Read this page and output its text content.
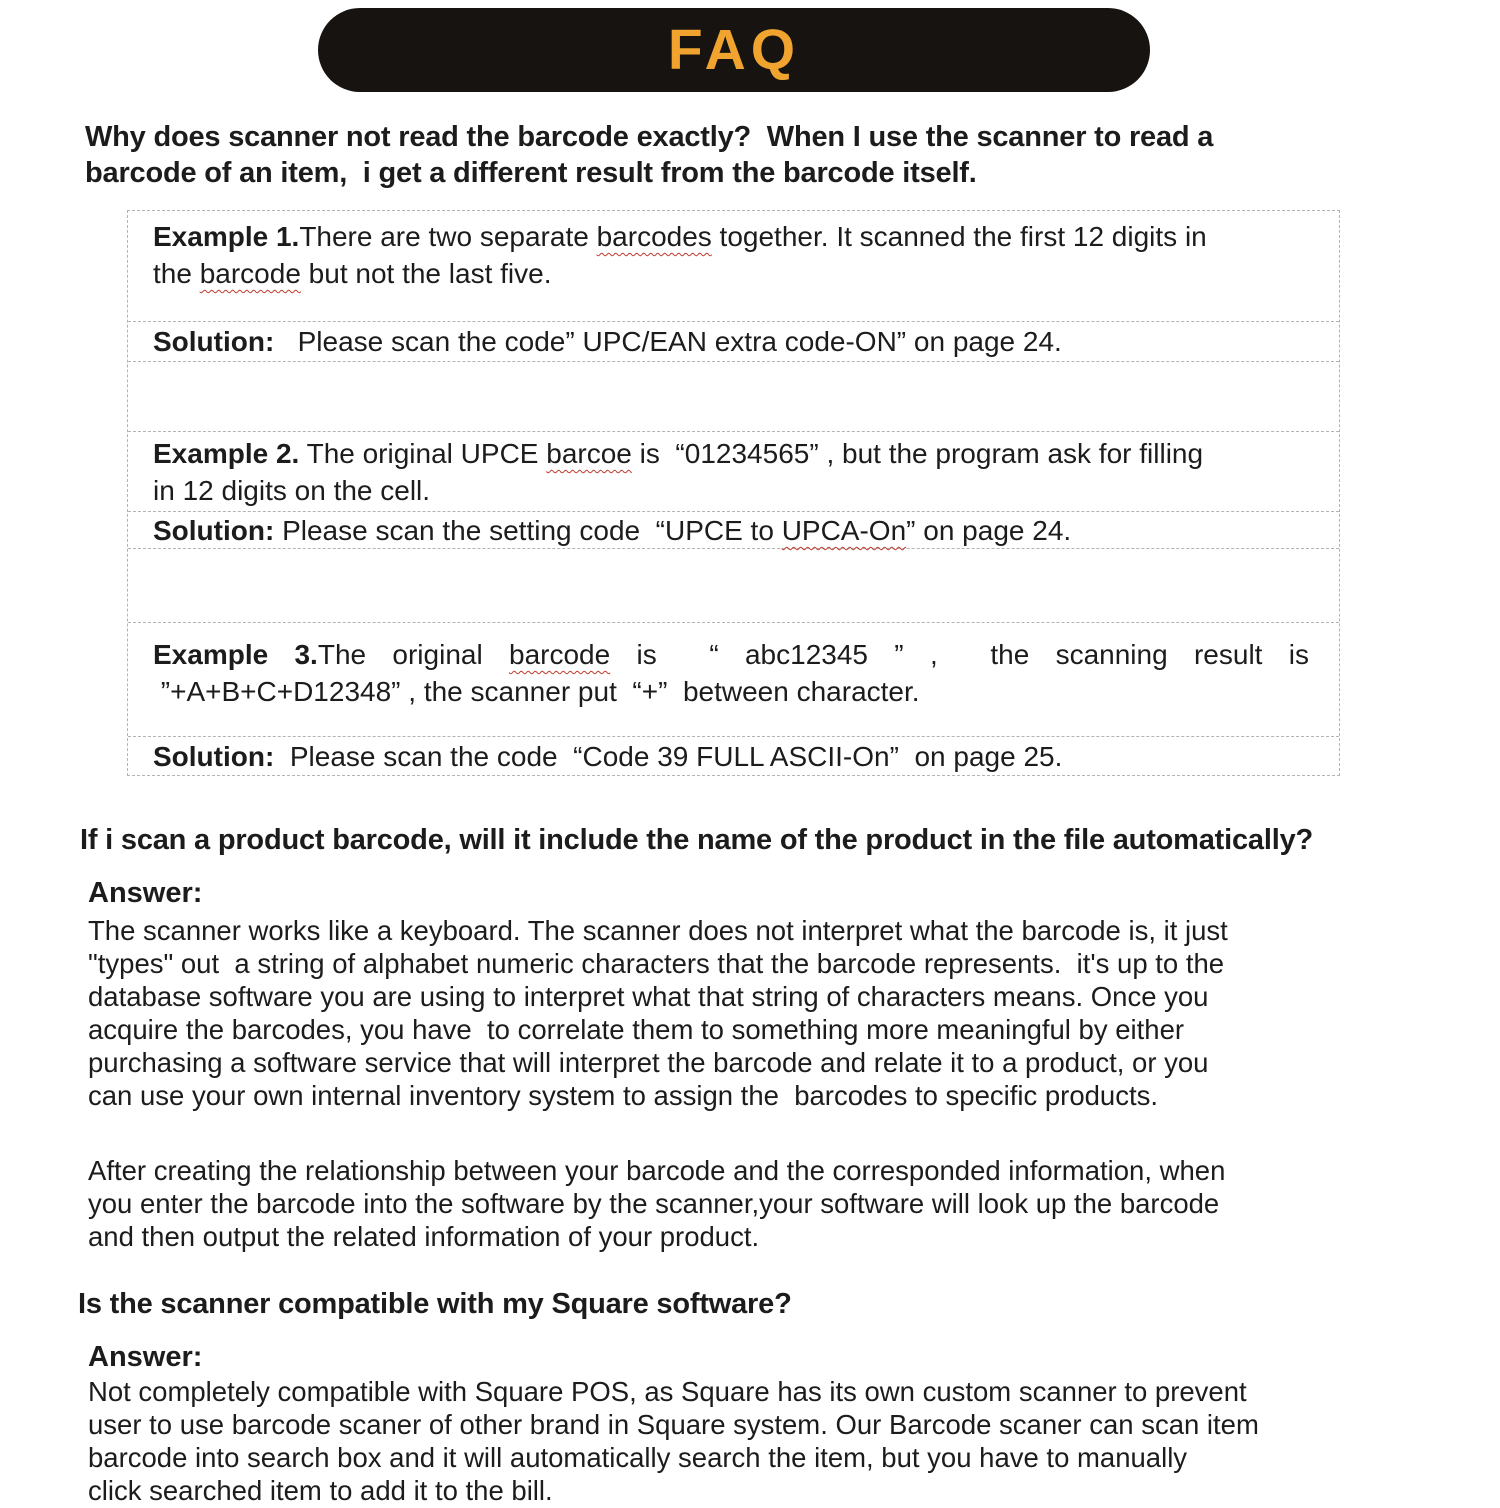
FAQ
Why does scanner not read the barcode exactly?  When I use the scanner to read a
barcode of an item,  i get a different result from the barcode itself.
Example 1.There are two separate barcodes together. It scanned the first 12 digits in
the barcode but not the last five.
Solution:   Please scan the code” UPC/EAN extra code-ON” on page 24.
Example 2. The original UPCE barcoe is  “01234565” , but the program ask for filling
in 12 digits on the cell.
Solution: Please scan the setting code  “UPCE to UPCA-On” on page 24.
Example 3.The original barcode is  “ abc12345 ” ,  the scanning result is
”+A+B+C+D12348” , the scanner put  “+”  between character.
Solution:  Please scan the code  “Code 39 FULL ASCII-On”  on page 25.
If i scan a product barcode, will it include the name of the product in the file automatically?
Answer:
The scanner works like a keyboard. The scanner does not interpret what the barcode is, it just
"types" out  a string of alphabet numeric characters that the barcode represents.  it's up to the
database software you are using to interpret what that string of characters means. Once you
acquire the barcodes, you have  to correlate them to something more meaningful by either
purchasing a software service that will interpret the barcode and relate it to a product, or you
can use your own internal inventory system to assign the  barcodes to specific products.
After creating the relationship between your barcode and the corresponded information, when
you enter the barcode into the software by the scanner,your software will look up the barcode
and then output the related information of your product.
Is the scanner compatible with my Square software?
Answer:
Not completely compatible with Square POS, as Square has its own custom scanner to prevent
user to use barcode scaner of other brand in Square system. Our Barcode scaner can scan item
barcode into search box and it will automatically search the item, but you have to manually
click searched item to add it to the bill.
